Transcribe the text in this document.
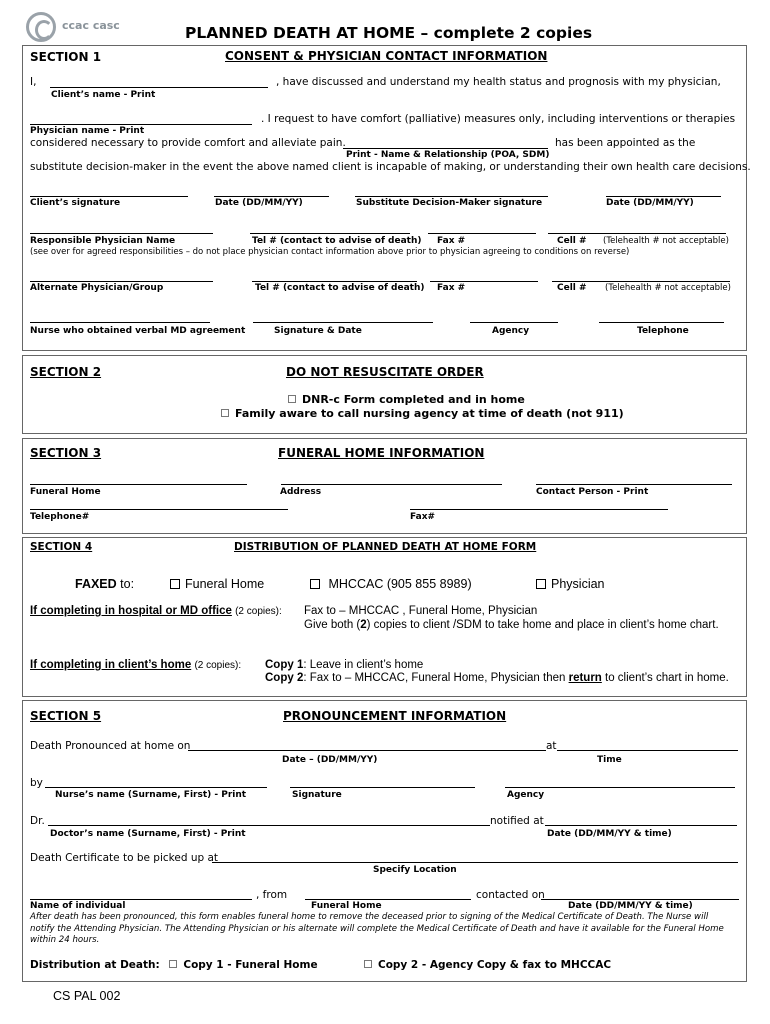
ccac casc	PLANNED DEATH AT HOME – complete 2 copies
SECTION 1	CONSENT & PHYSICIAN CONTACT INFORMATION
I,	, have discussed and understand my health status and prognosis with my physician,
Client’s name - Print
. I request to have comfort (palliative) measures only, including interventions or therapies
Physician name - Print
considered necessary to provide comfort and alleviate pain.	has been appointed as the
Print - Name & Relationship (POA, SDM)
substitute decision-maker in the event the above named client is incapable of making, or understanding their own health care decisions.
Client’s signature	Date (DD/MM/YY)	Substitute Decision-Maker signature	Date (DD/MM/YY)
Responsible Physician Name	Tel # (contact to advise of death) Fax #	Cell # (Telehealth # not acceptable)
(see over for agreed responsibilities – do not place physician contact information above prior to physician agreeing to conditions on reverse)
Alternate Physician/Group	Tel # (contact to advise of death) Fax #	Cell # (Telehealth # not acceptable)
Nurse who obtained verbal MD agreement	Signature & Date	Agency	Telephone
SECTION 2	DO NOT RESUSCITATE ORDER
DNR-c Form completed and in home
Family aware to call nursing agency at time of death (not 911)
SECTION 3	FUNERAL HOME INFORMATION
Funeral Home	Address	Contact Person - Print
Telephone#	Fax#
SECTION 4	DISTRIBUTION OF PLANNED DEATH AT HOME FORM
FAXED to:	Funeral Home	MHCCAC (905 855 8989)	Physician
If completing in hospital or MD office (2 copies): Fax to – MHCCAC , Funeral Home, Physician
Give both (2) copies to client /SDM to take home and place in client’s home chart.
If completing in client’s home (2 copies): Copy 1: Leave in client’s home
Copy 2: Fax to – MHCCAC, Funeral Home, Physician then return to client’s chart in home.
SECTION 5	PRONOUNCEMENT INFORMATION
Death Pronounced at home on	at
Date – (DD/MM/YY)	Time
by
Nurse’s name (Surname, First) - Print	Signature	Agency
Dr.	notified at
Doctor’s name (Surname, First) - Print	Date (DD/MM/YY & time)
Death Certificate to be picked up at
Specify Location
, from	contacted on
Name of individual	Funeral Home	Date (DD/MM/YY & time)
After death has been pronounced, this form enables funeral home to remove the deceased prior to signing of the Medical Certificate of Death. The Nurse will notify the Attending Physician. The Attending Physician or his alternate will complete the Medical Certificate of Death and have it available for the Funeral Home within 24 hours.
Distribution at Death: Copy 1 - Funeral Home	Copy 2 - Agency Copy & fax to MHCCAC
CS PAL 002
